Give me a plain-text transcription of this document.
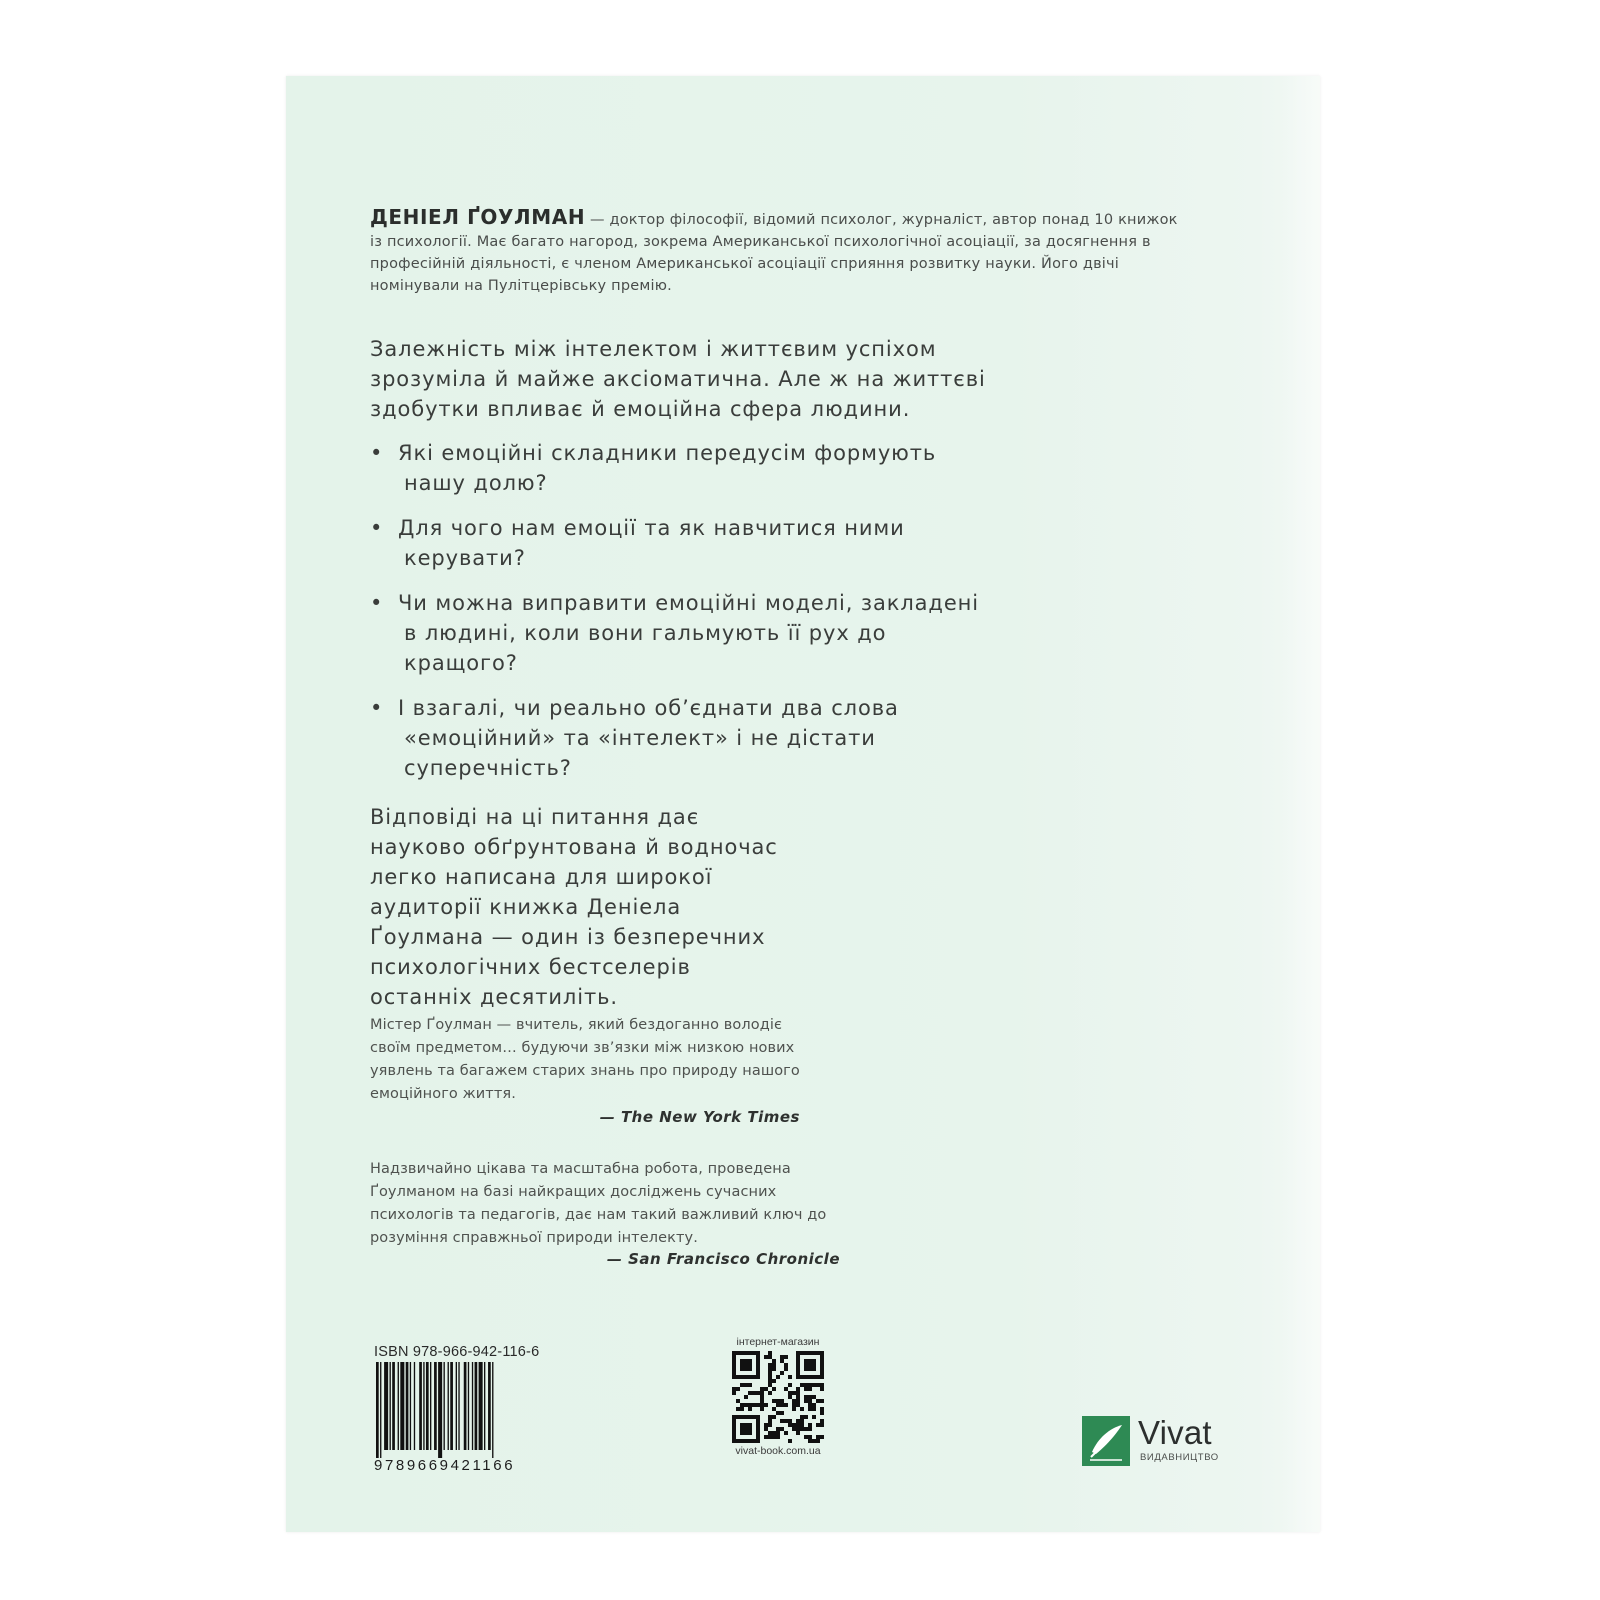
ДЕНІЕЛ ҐОУЛМАН — доктор філософії, відомий психолог, журналіст, автор понад 10 книжок із психології. Має багато нагород, зокрема Американської психологічної асоціації, за досягнення в професійній діяльності, є членом Американської асоціації сприяння розвитку науки. Його двічі номінували на Пулітцерівську премію.
Залежність між інтелектом і життєвим успіхом зрозуміла й майже аксіоматична. Але ж на життєві здобутки впливає й емоційна сфера людини.
• Які емоційні складники передусім формують нашу долю?
• Для чого нам емоції та як навчитися ними керувати?
• Чи можна виправити емоційні моделі, закладені в людині, коли вони гальмують її рух до кращого?
• І взагалі, чи реально об’єднати два слова «емоційний» та «інтелект» і не дістати суперечність?
Відповіді на ці питання дає науково обґрунтована й водночас легко написана для широкої аудиторії книжка Деніела Ґоулмана — один із безперечних психологічних бестселерів останніх десятиліть.
Містер Ґоулман — вчитель, який бездоганно володіє своїм предметом… будуючи зв’язки між низкою нових уявлень та багажем старих знань про природу нашого емоційного життя.
— The New York Times
Надзвичайно цікава та масштабна робота, проведена Ґоулманом на базі найкращих досліджень сучасних психологів та педагогів, дає нам такий важливий ключ до розуміння справжньої природи інтелекту.
— San Francisco Chronicle
ISBN 978-966-942-116-6
9789669421166
інтернет-магазин
vivat-book.com.ua	Vivat
ВИДАВНИЦТВО
